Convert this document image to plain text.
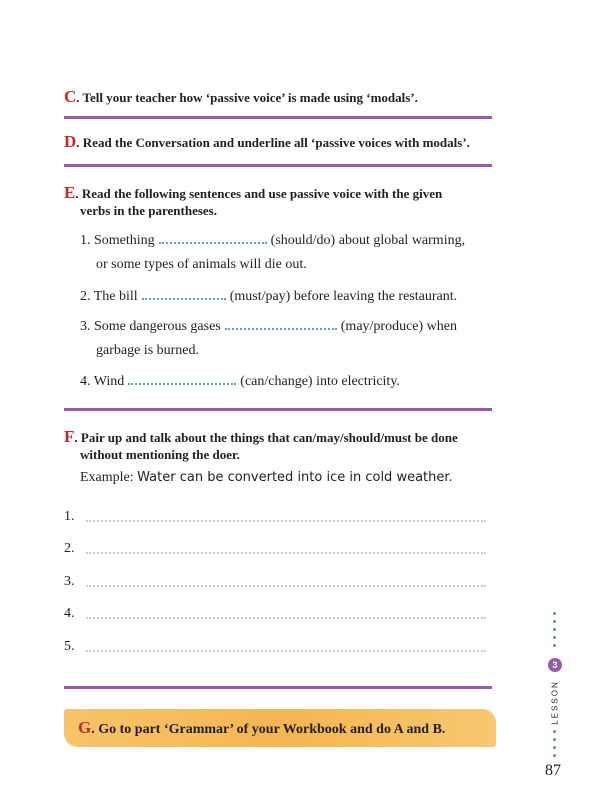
C. Tell your teacher how ‘passive voice’ is made using ‘modals’.
D. Read the Conversation and underline all ‘passive voices with modals’.
E. Read the following sentences and use passive voice with the given
verbs in the parentheses.
1. Something	(should/do) about global warming,
or some types of animals will die out.
2. The bill	(must/pay) before leaving the restaurant.
3. Some dangerous gases	(may/produce) when
garbage is burned.
4. Wind	(can/change) into electricity.
F. Pair up and talk about the things that can/may/should/must be done
without mentioning the doer.
Example: Water can be converted into ice in cold weather.
1.
2.
3.
4.
5.
G. Go to part ‘Grammar’ of your Workbook and do A and B.
3
LESSON
87
